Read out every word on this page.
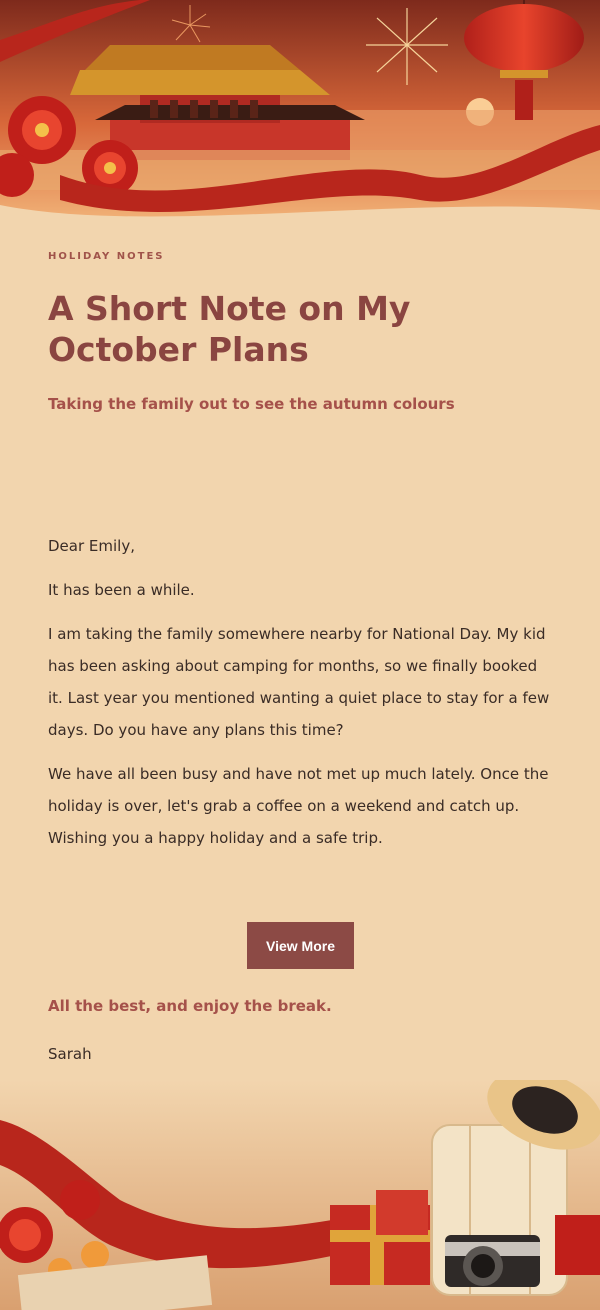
HOLIDAY NOTES
A Short Note on My October Plans
Taking the family out to see the autumn colours

Dear Emily,

It has been a while.

I am taking the family somewhere nearby for National Day. My kid has been asking about camping for months, so we finally booked it. Last year you mentioned wanting a quiet place to stay for a few days. Do you have any plans this time?

We have all been busy and have not met up much lately. Once the holiday is over, let's grab a coffee on a weekend and catch up. Wishing you a happy holiday and a safe trip.

View More
All the best, and enjoy the break.
Sarah
